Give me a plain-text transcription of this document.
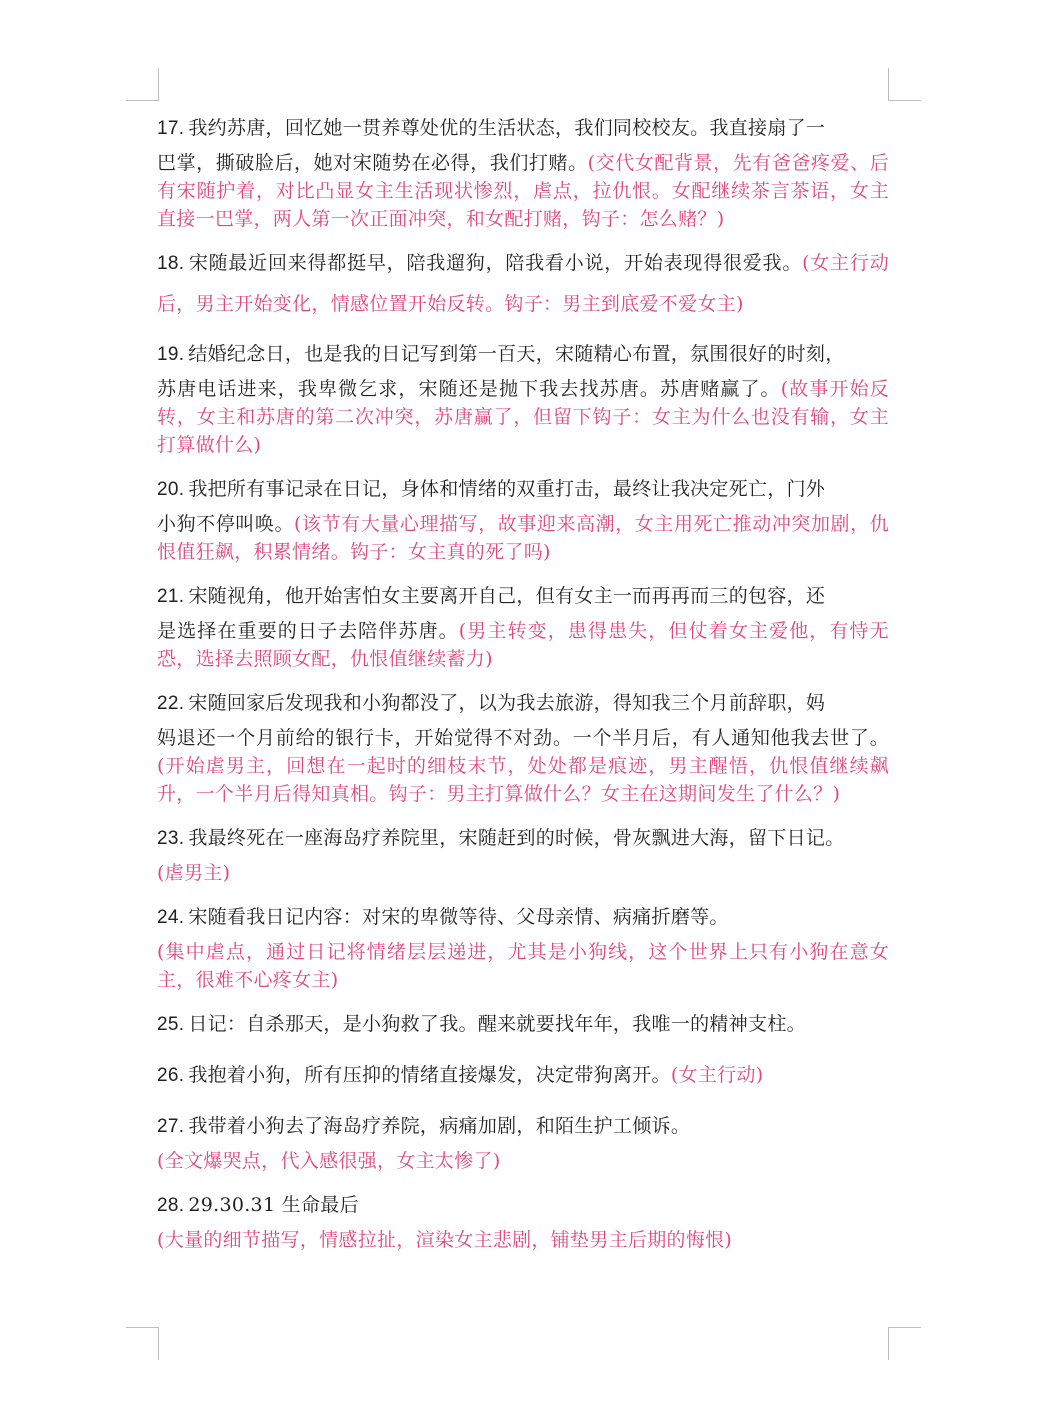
17. 我约苏唐，回忆她一贯养尊处优的生活状态，我们同校校友。我直接扇了一
巴掌，撕破脸后，她对宋随势在必得，我们打赌。(交代女配背景，先有爸爸疼爱、后有宋随护着，对比凸显女主生活现状惨烈，虐点，拉仇恨。女配继续茶言茶语，女主直接一巴掌，两人第一次正面冲突，和女配打赌，钩子：怎么赌？)

18. 宋随最近回来得都挺早，陪我遛狗，陪我看小说，开始表现得很爱我。(女主行动后，男主开始变化，情感位置开始反转。钩子：男主到底爱不爱女主)

19. 结婚纪念日，也是我的日记写到第一百天，宋随精心布置，氛围很好的时刻，
苏唐电话进来，我卑微乞求，宋随还是抛下我去找苏唐。苏唐赌赢了。(故事开始反转，女主和苏唐的第二次冲突，苏唐赢了，但留下钩子：女主为什么也没有输，女主打算做什么)

20. 我把所有事记录在日记，身体和情绪的双重打击，最终让我决定死亡，门外
小狗不停叫唤。(该节有大量心理描写，故事迎来高潮，女主用死亡推动冲突加剧，仇恨值狂飙，积累情绪。钩子：女主真的死了吗)

21. 宋随视角，他开始害怕女主要离开自己，但有女主一而再再而三的包容，还
是选择在重要的日子去陪伴苏唐。(男主转变，患得患失，但仗着女主爱他，有恃无恐，选择去照顾女配，仇恨值继续蓄力)

22. 宋随回家后发现我和小狗都没了，以为我去旅游，得知我三个月前辞职，妈
妈退还一个月前给的银行卡，开始觉得不对劲。一个半月后，有人通知他我去世了。(开始虐男主，回想在一起时的细枝末节，处处都是痕迹，男主醒悟，仇恨值继续飙升，一个半月后得知真相。钩子：男主打算做什么？女主在这期间发生了什么？)

23. 我最终死在一座海岛疗养院里，宋随赶到的时候，骨灰飘进大海，留下日记。
(虐男主)

24. 宋随看我日记内容：对宋的卑微等待、父母亲情、病痛折磨等。
(集中虐点，通过日记将情绪层层递进，尤其是小狗线，这个世界上只有小狗在意女主，很难不心疼女主)

25. 日记：自杀那天，是小狗救了我。醒来就要找年年，我唯一的精神支柱。

26. 我抱着小狗，所有压抑的情绪直接爆发，决定带狗离开。(女主行动)

27. 我带着小狗去了海岛疗养院，病痛加剧，和陌生护工倾诉。
(全文爆哭点，代入感很强，女主太惨了)

28. 29.30.31 生命最后
(大量的细节描写，情感拉扯，渲染女主悲剧，铺垫男主后期的悔恨)
